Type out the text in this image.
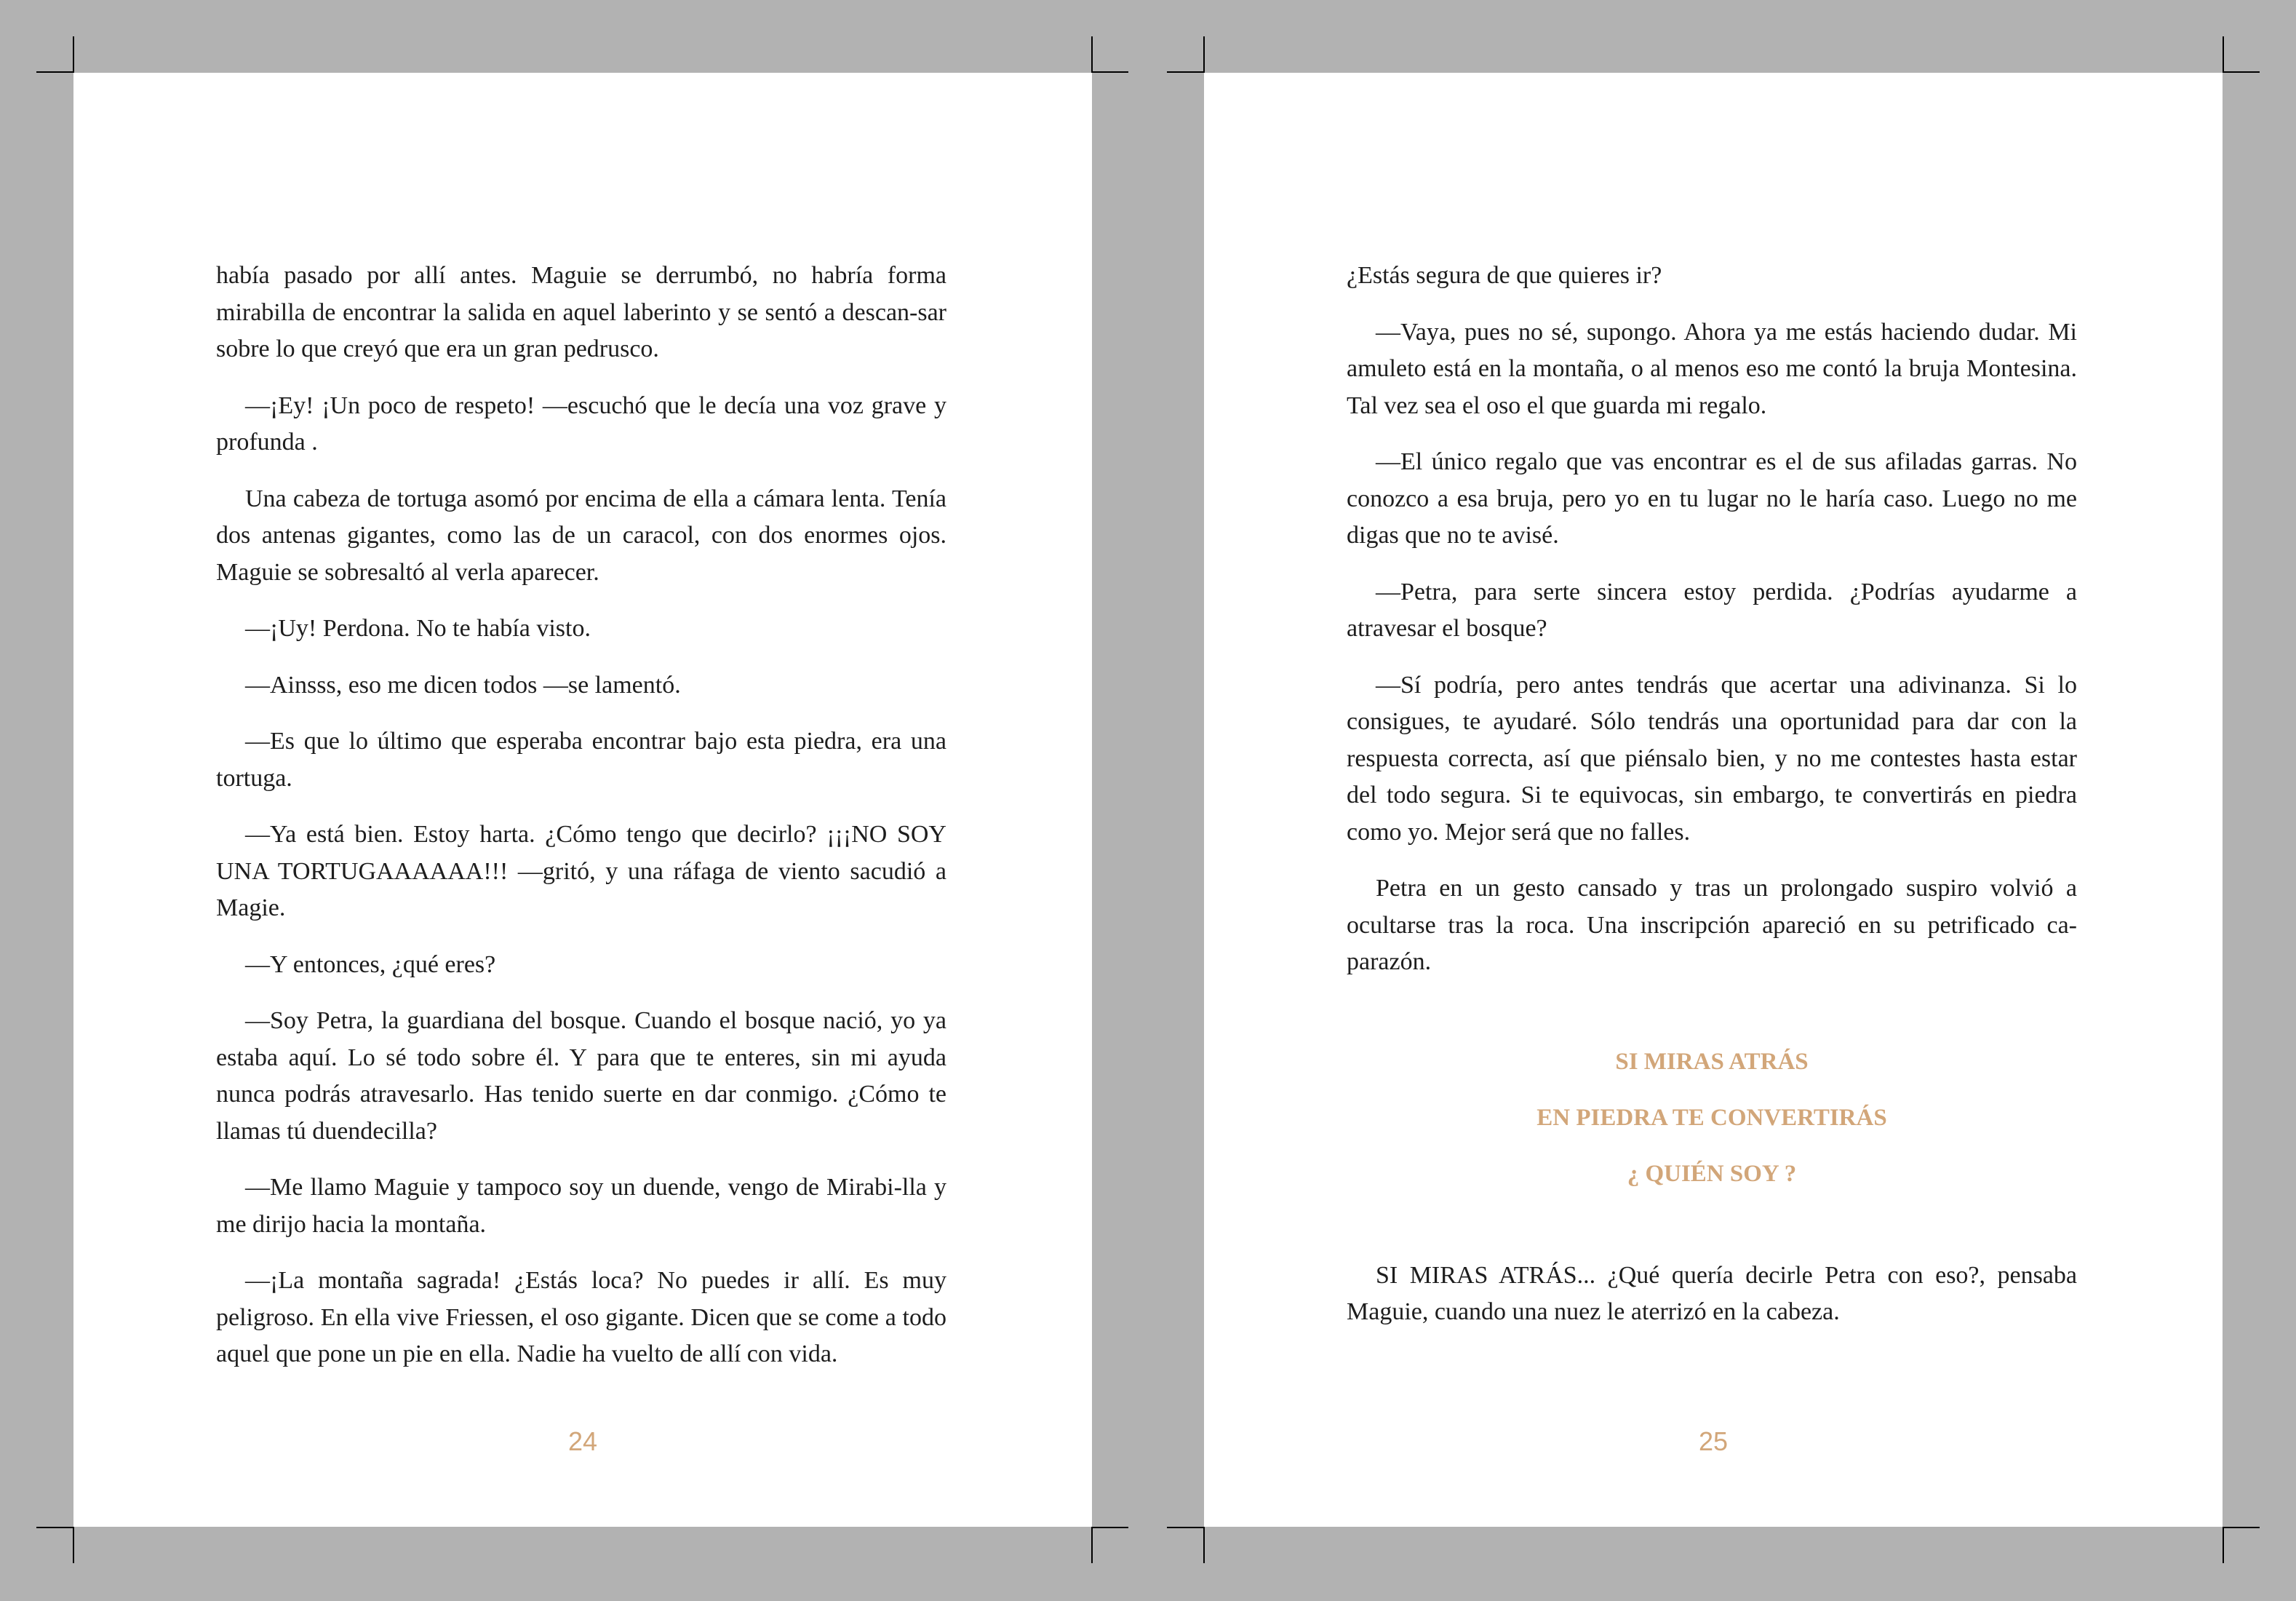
había pasado por allí antes. Maguie se derrumbó, no habría forma mirabilla de encontrar la salida en aquel laberinto y se sentó a descan-sar sobre lo que creyó que era un gran pedrusco.

—¡Ey! ¡Un poco de respeto! —escuchó que le decía una voz grave y profunda .

Una cabeza de tortuga asomó por encima de ella a cámara lenta. Tenía dos antenas gigantes, como las de un caracol, con dos enormes ojos. Maguie se sobresaltó al verla aparecer.

—¡Uy! Perdona. No te había visto.

—Ainsss, eso me dicen todos —se lamentó.

—Es que lo último que esperaba encontrar bajo esta piedra, era una tortuga.

—Ya está bien. Estoy harta. ¿Cómo tengo que decirlo? ¡¡¡NO SOY UNA TORTUGAAAAAA!!! —gritó, y una ráfaga de viento sacudió a Magie.

—Y entonces, ¿qué eres?

—Soy Petra, la guardiana del bosque. Cuando el bosque nació, yo ya estaba aquí. Lo sé todo sobre él. Y para que te enteres, sin mi ayuda nunca podrás atravesarlo. Has tenido suerte en dar conmigo. ¿Cómo te llamas tú duendecilla?

—Me llamo Maguie y tampoco soy un duende, vengo de Mirabi-lla y me dirijo hacia la montaña.

—¡La montaña sagrada! ¿Estás loca? No puedes ir allí. Es muy peligroso. En ella vive Friessen, el oso gigante. Dicen que se come a todo aquel que pone un pie en ella. Nadie ha vuelto de allí con vida.

24

¿Estás segura de que quieres ir?

—Vaya, pues no sé, supongo. Ahora ya me estás haciendo dudar. Mi amuleto está en la montaña, o al menos eso me contó la bruja Montesina. Tal vez sea el oso el que guarda mi regalo.

—El único regalo que vas encontrar es el de sus afiladas garras. No conozco a esa bruja, pero yo en tu lugar no le haría caso. Luego no me digas que no te avisé.

—Petra, para serte sincera estoy perdida. ¿Podrías ayudarme a atravesar el bosque?

—Sí podría, pero antes tendrás que acertar una adivinanza. Si lo consigues, te ayudaré. Sólo tendrás una oportunidad para dar con la respuesta correcta, así que piénsalo bien, y no me contestes hasta estar del todo segura. Si te equivocas, sin embargo, te convertirás en piedra como yo. Mejor será que no falles.

Petra en un gesto cansado y tras un prolongado suspiro volvió a ocultarse tras la roca. Una inscripción apareció en su petrificado ca-parazón.

SI MIRAS ATRÁS

EN PIEDRA TE CONVERTIRÁS

¿ QUIÉN SOY ?

SI MIRAS ATRÁS... ¿Qué quería decirle Petra con eso?, pensaba Maguie, cuando una nuez le aterrizó en la cabeza.

25
